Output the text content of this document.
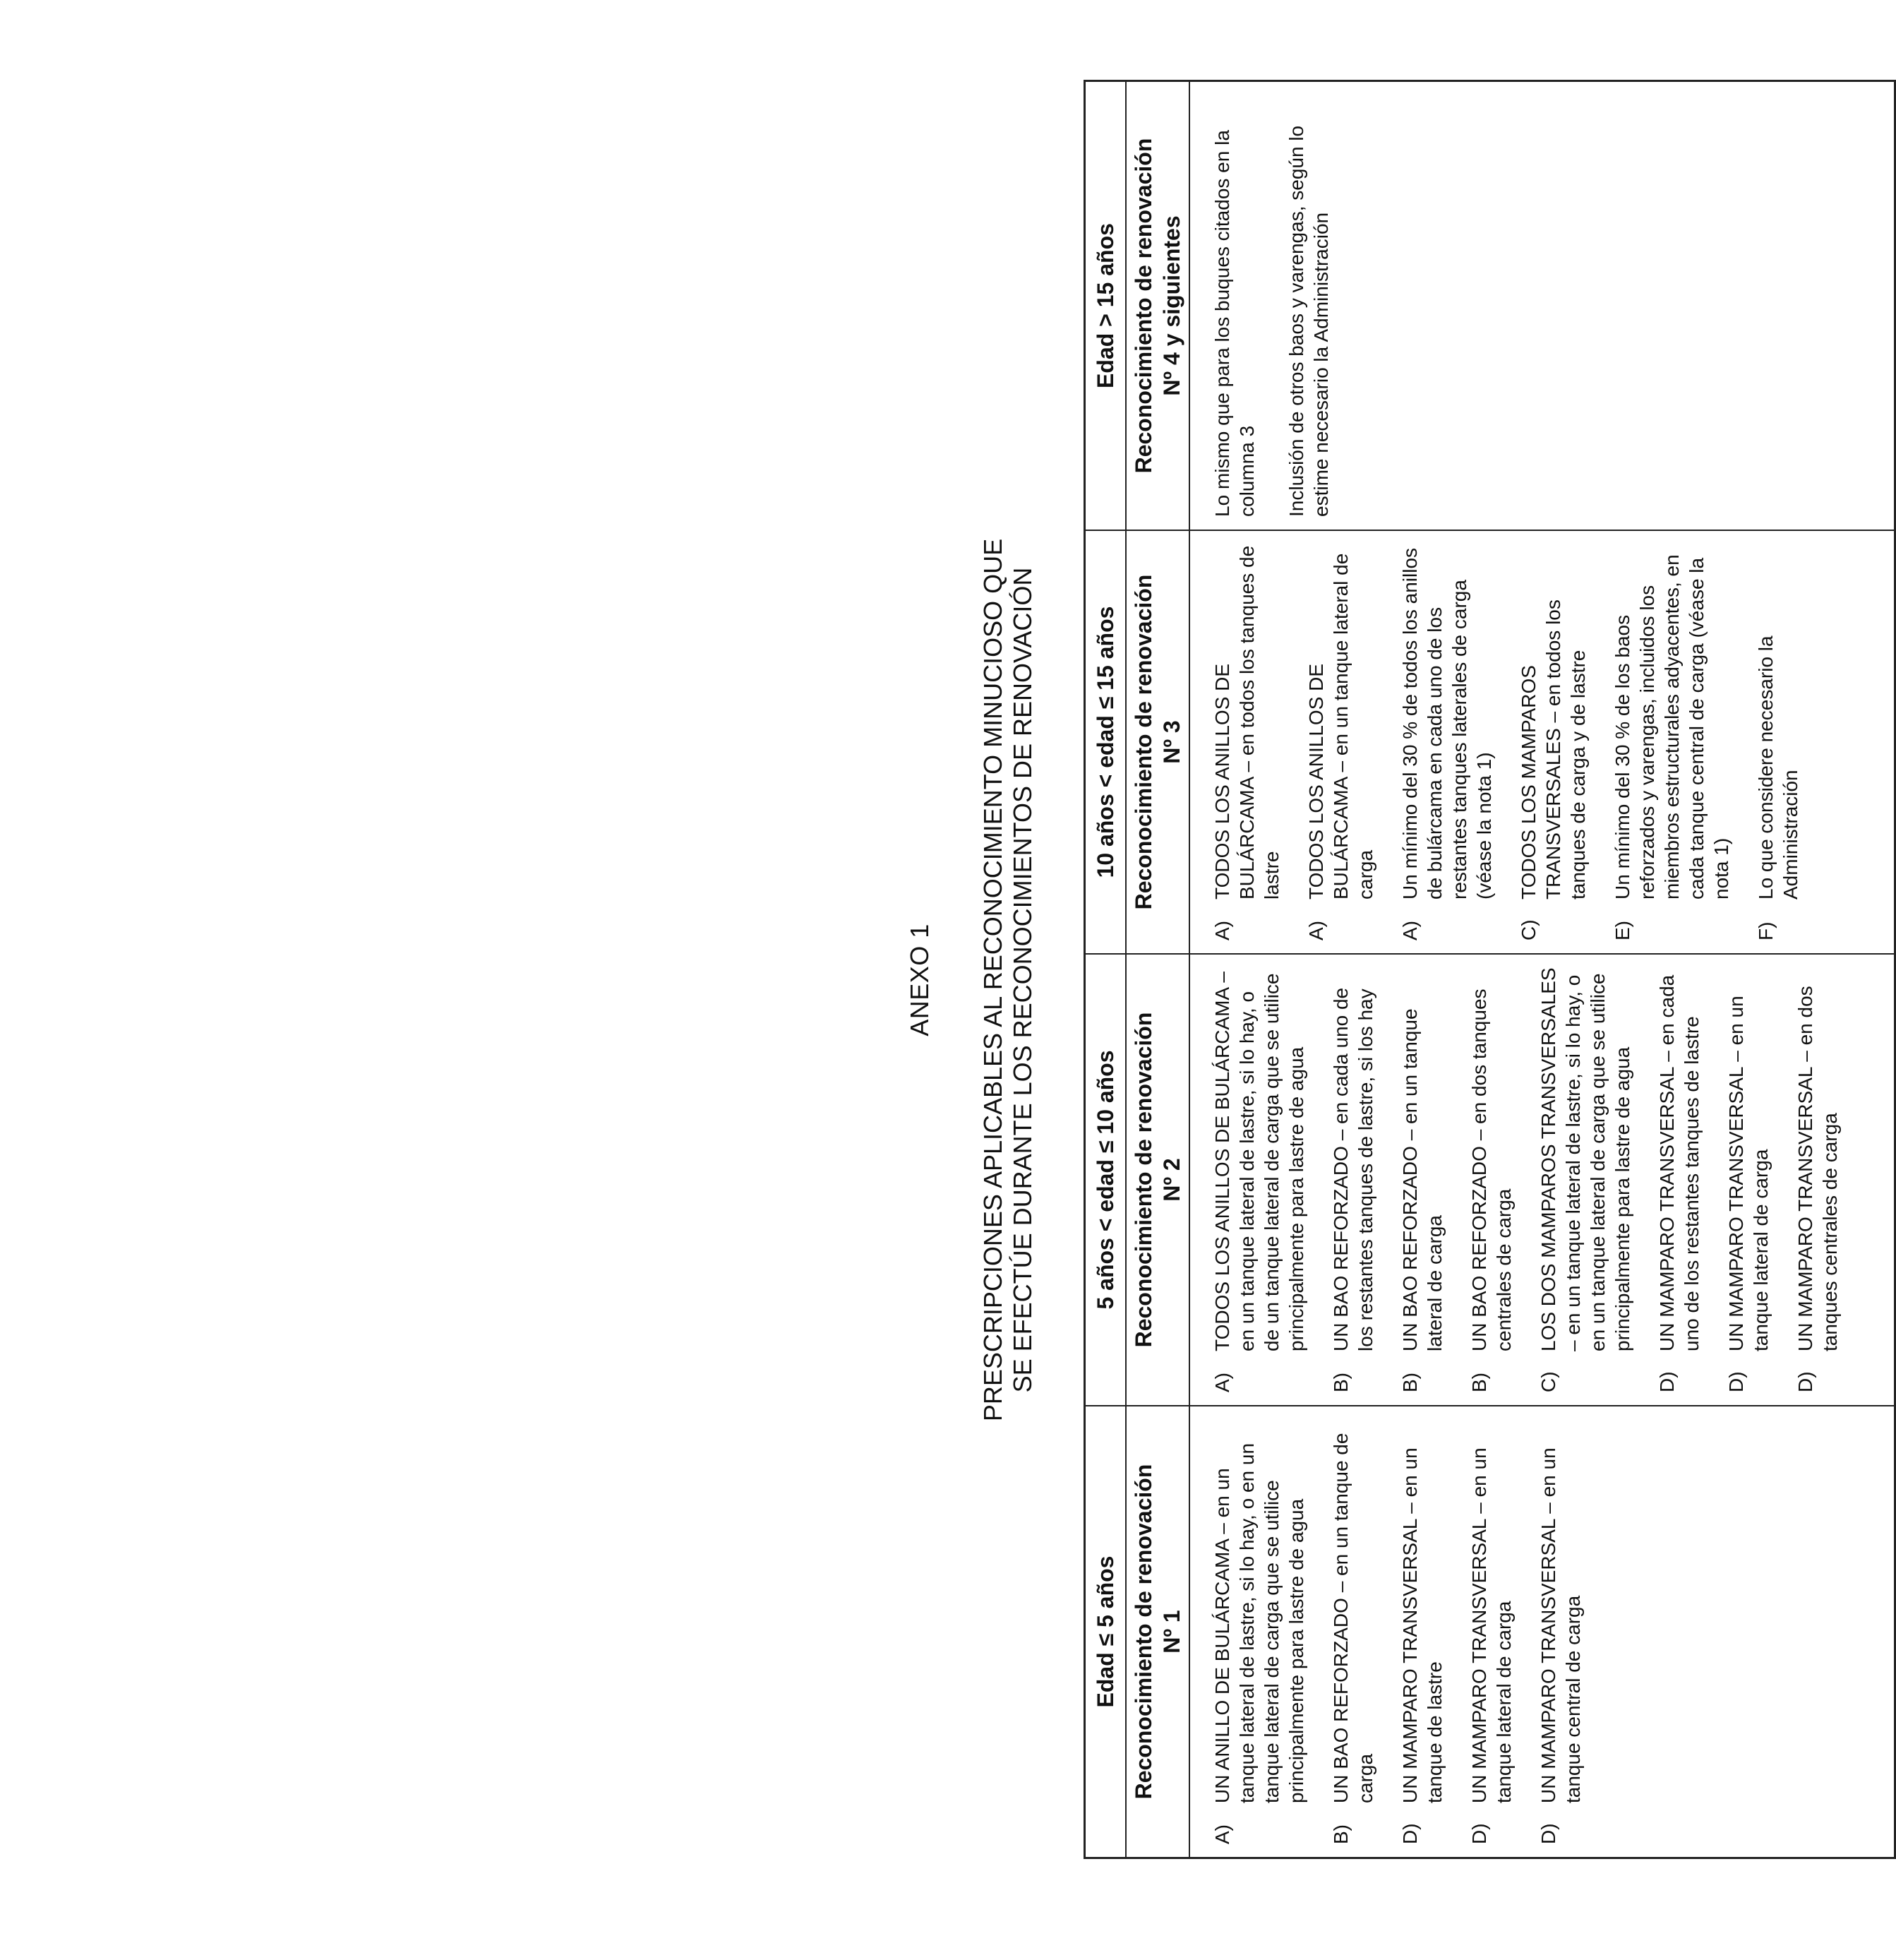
ANEXO 1 PRESCRIPCIONES APLICABLES AL RECONOCIMIENTO MINUCIOSO QUE SE EFECTÚE DURANTE LOS RECONOCIMIENTOS DE RENOVACIÓN
Edad ≤ 5 años Reconocimiento de renovación Nº 1
A)
UN ANILLO DE BULÁRCAMA – en un tanque lateral de lastre, si lo hay, o en un tanque lateral de carga que se utilice principalmente para lastre de agua
B)
UN BAO REFORZADO – en un tanque de carga
D)
UN MAMPARO TRANSVERSAL – en un tanque de lastre
D)
UN MAMPARO TRANSVERSAL – en un tanque lateral de carga
D)
UN MAMPARO TRANSVERSAL – en un tanque central de carga
5 años < edad ≤ 10 años Reconocimiento de renovación Nº 2
A)
TODOS LOS ANILLOS DE BULÁRCAMA – en un tanque lateral de lastre, si lo hay, o de un tanque lateral de carga que se utilice principalmente para lastre de agua
B)
UN BAO REFORZADO – en cada uno de los restantes tanques de lastre, si los hay
B)
UN BAO REFORZADO – en un tanque lateral de carga
B)
UN BAO REFORZADO – en dos tanques centrales de carga
C)
LOS DOS MAMPAROS TRANSVERSALES – en un tanque lateral de lastre, si lo hay, o en un tanque lateral de carga que se utilice principalmente para lastre de agua
D)
UN MAMPARO TRANSVERSAL – en cada uno de los restantes tanques de lastre
D)
UN MAMPARO TRANSVERSAL – en un tanque lateral de carga
D)
UN MAMPARO TRANSVERSAL – en dos tanques centrales de carga
10 años < edad ≤ 15 años Reconocimiento de renovación Nº 3
A)
TODOS LOS ANILLOS DE BULÁRCAMA – en todos los tanques de lastre
A)
TODOS LOS ANILLOS DE BULÁRCAMA – en un tanque lateral de carga
A)
Un mínimo del 30 % de todos los anillos de bulárcama en cada uno de los restantes tanques laterales de carga (véase la nota 1)
C)
TODOS LOS MAMPAROS TRANSVERSALES – en todos los tanques de carga y de lastre
E)
Un mínimo del 30 % de los baos reforzados y varengas, incluidos los miembros estructurales adyacentes, en cada tanque central de carga (véase la nota 1)
F)
Lo que considere necesario la Administración
Edad > 15 años Reconocimiento de renovación Nº 4 y siguientes Lo mismo que para los buques citados en la columna 3 Inclusión de otros baos y varengas, según lo estime necesario la Administración
